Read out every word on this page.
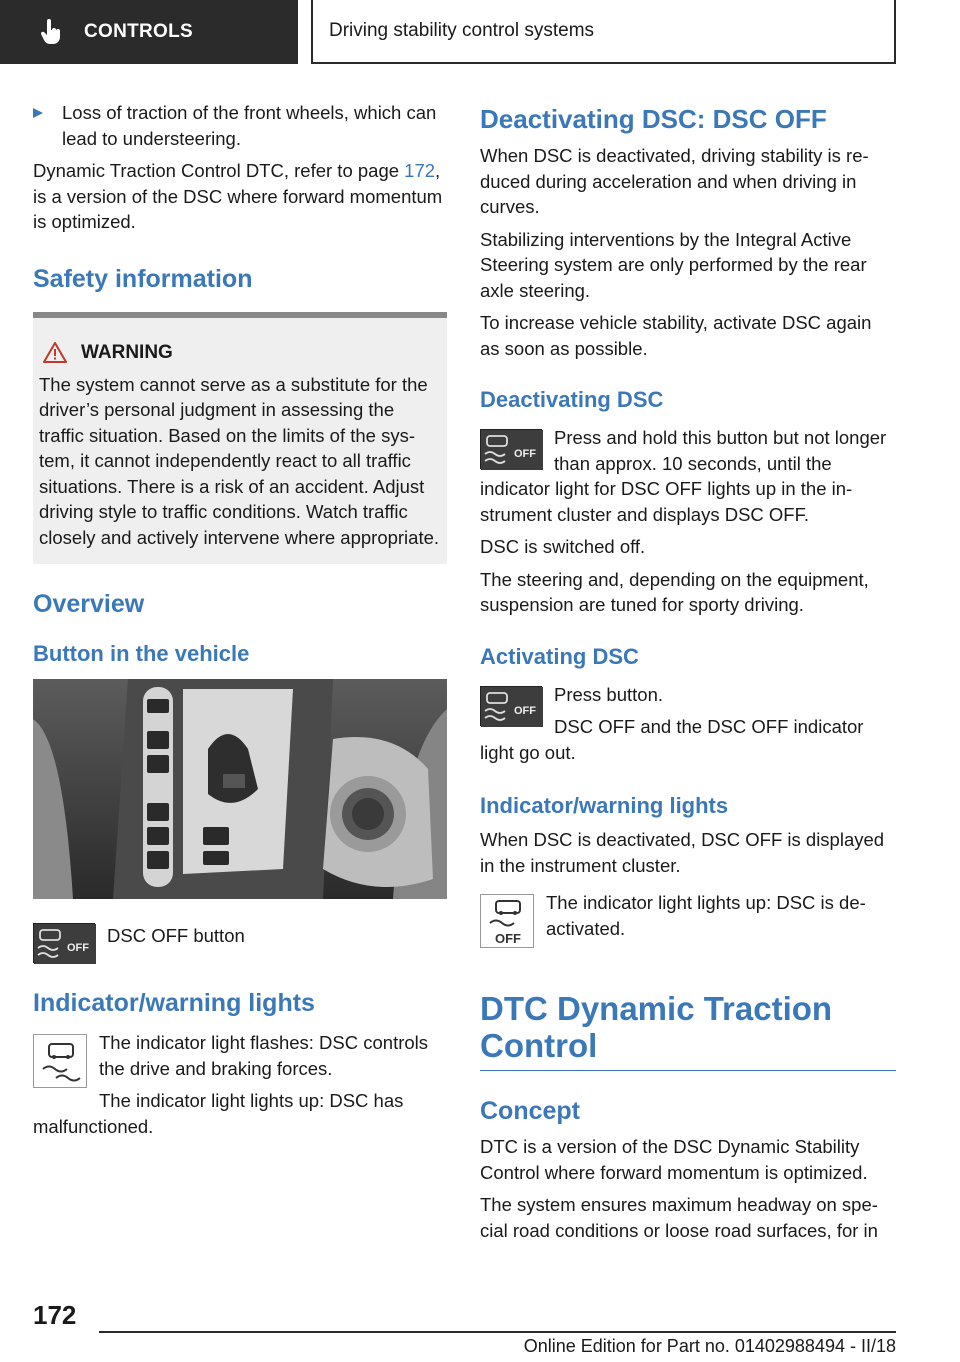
CONTROLS	Driving stability control systems

Loss of traction of the front wheels, which can lead to understeering.

Dynamic Traction Control DTC, refer to page 172, is a version of the DSC where forward momentum is optimized.

Safety information
WARNING

The system cannot serve as a substitute for the driver’s personal judgment in assessing the traffic situation. Based on the limits of the system, it cannot independently react to all traffic situations. There is a risk of an accident. Adjust driving style to traffic conditions. Watch traffic closely and actively intervene where appropriate.

Overview
Button in the vehicle
OFF

DSC OFF button

Indicator/warning lights

The indicator light flashes: DSC controls the drive and braking forces.

The indicator light lights up: DSC has malfunctioned.

Deactivating DSC: DSC OFF

When DSC is deactivated, driving stability is reduced during acceleration and when driving in curves.

Stabilizing interventions by the Integral Active Steering system are only performed by the rear axle steering.

To increase vehicle stability, activate DSC again as soon as possible.

Deactivating DSC
OFF

Press and hold this button but not longer than approx. 10 seconds, until the indicator light for DSC OFF lights up in the instrument cluster and displays DSC OFF.

DSC is switched off.

The steering and, depending on the equipment, suspension are tuned for sporty driving.

Activating DSC
OFF

Press button.

DSC OFF and the DSC OFF indicator light go out.

Indicator/warning lights

When DSC is deactivated, DSC OFF is displayed in the instrument cluster.

OFF

The indicator light lights up: DSC is deactivated.

DTC Dynamic Traction Control
Concept

DTC is a version of the DSC Dynamic Stability Control where forward momentum is optimized.

The system ensures maximum headway on special road conditions or loose road surfaces, for in

172
Online Edition for Part no. 01402988494 - II/18
